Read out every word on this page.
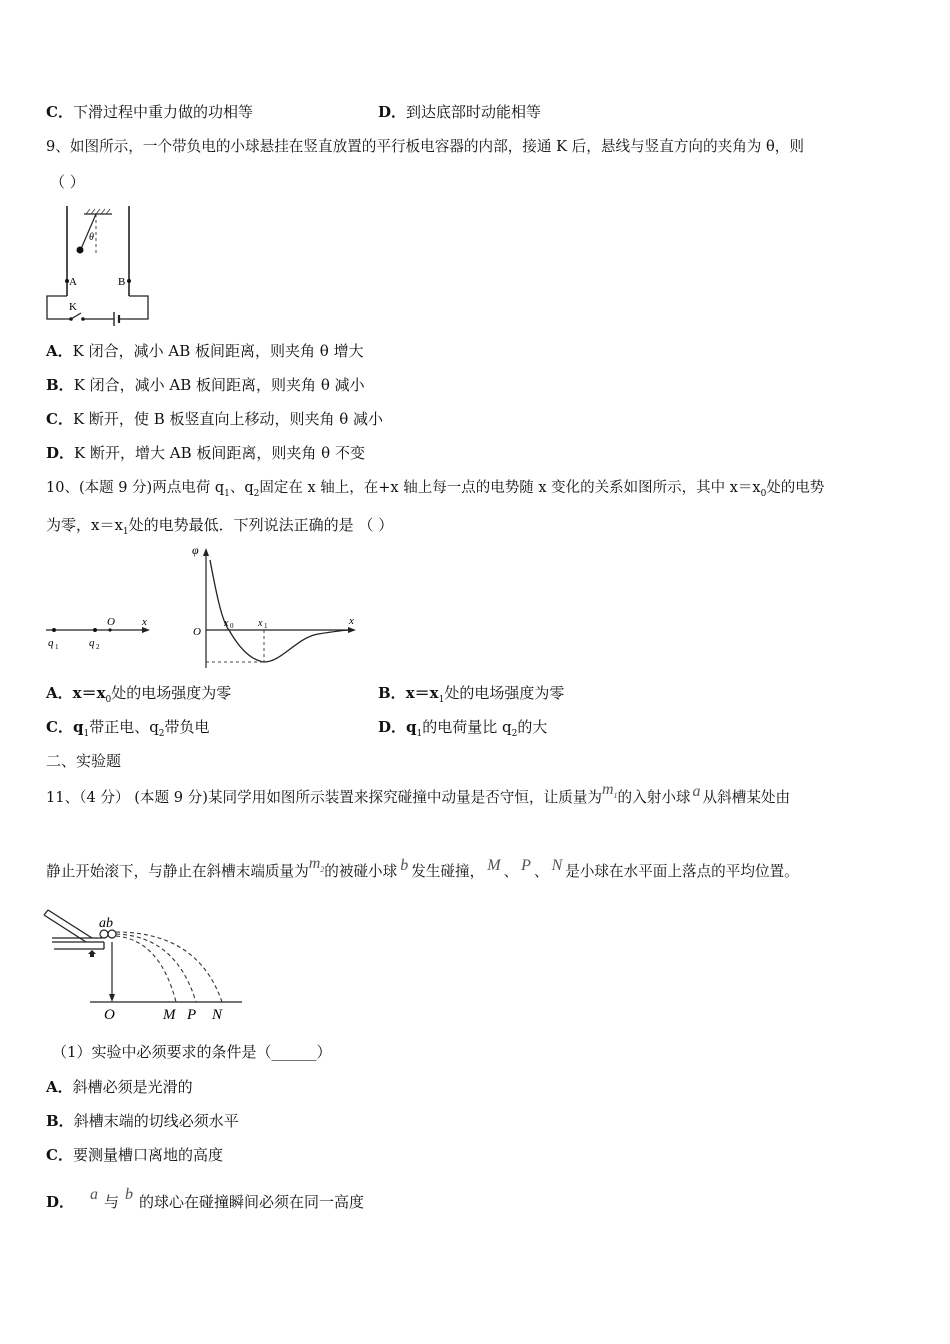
C．下滑过程中重力做的功相等	D．到达底部时动能相等
9、如图所示，一个带负电的小球悬挂在竖直放置的平行板电容器的内部，接通 K 后，悬线与竖直方向的夹角为 θ，则
（ ）
θ
A	B
K
A．K 闭合，减小 AB 板间距离，则夹角 θ 增大
B．K 闭合，减小 AB 板间距离，则夹角 θ 减小
C．K 断开，使 B 板竖直向上移动，则夹角 θ 减小
D．K 断开，增大 AB 板间距离，则夹角 θ 不变
10、(本题 9 分)两点电荷 $q_1$、$q_2$固定在 x 轴上，在+x 轴上每一点的电势随 x 变化的关系如图所示，其中 $x=x_0$处的电势
为零，$x=x_1$处的电势最低．下列说法正确的是 （ ）
x
O
q 1	q 2
φ
x
O
x 0 x 1
A．$x=x_0$处的电场强度为零	B．$x=x_1$处的电场强度为零
C．$q_1$带正电、$q_2$带负电	D．$q_1$的电荷量比 $q_2$的大
二、实验题
11、（4 分） (本题 9 分)某同学用如图所示装置来探究碰撞中动量是否守恒，让质量为$m_1$的入射小球 a 从斜槽某处由
静止开始滚下，与静止在斜槽末端质量为$m_2$的被碰小球 b 发生碰撞， M 、 P 、 N 是小球在水平面上落点的平均位置。
ab
O	M P N
（1）实验中必须要求的条件是（______）
A．斜槽必须是光滑的
B．斜槽末端的切线必须水平
C．要测量槽口离地的高度
D． a 与 b 的球心在碰撞瞬间必须在同一高度
